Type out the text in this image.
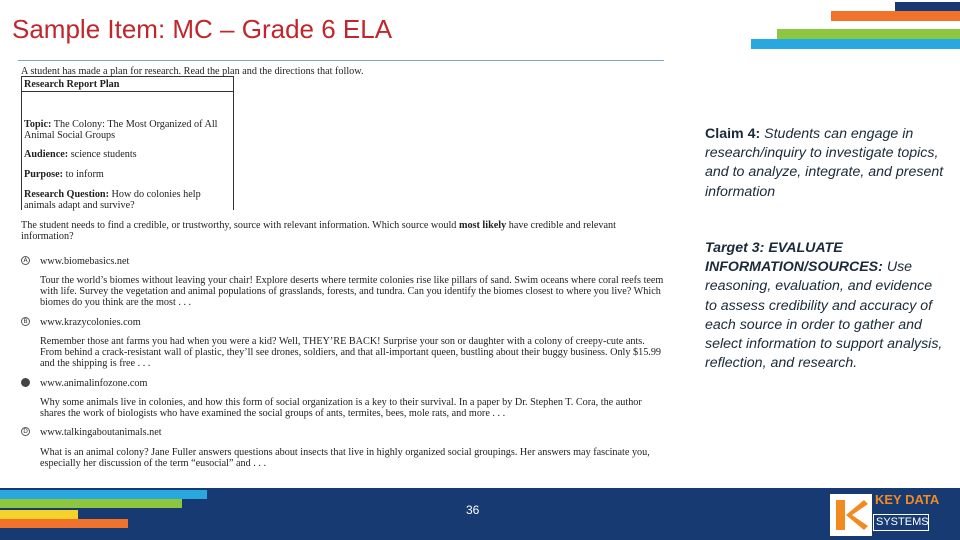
Sample Item: MC – Grade 6 ELA
A student has made a plan for research. Read the plan and the directions that follow.
Research Report Plan
Topic: The Colony: The Most Organized of All Animal Social Groups
Audience: science students
Purpose: to inform
Research Question: How do colonies help animals adapt and survive?
The student needs to find a credible, or trustworthy, source with relevant information. Which source would most likely have credible and relevant information?
A www.biomebasics.net
Tour the world’s biomes without leaving your chair! Explore deserts where termite colonies rise like pillars of sand. Swim oceans where coral reefs teem with life. Survey the vegetation and animal populations of grasslands, forests, and tundra. Can you identify the biomes closest to where you live? Which biomes do you think are the most . . .
B www.krazycolonies.com
Remember those ant farms you had when you were a kid? Well, THEY’RE BACK! Surprise your son or daughter with a colony of creepy-cute ants. From behind a crack-resistant wall of plastic, they’ll see drones, soldiers, and that all-important queen, bustling about their buggy business. Only $15.99 and the shipping is free . . .
www.animalinfozone.com
Why some animals live in colonies, and how this form of social organization is a key to their survival. In a paper by Dr. Stephen T. Cora, the author shares the work of biologists who have examined the social groups of ants, termites, bees, mole rats, and more . . .
D www.talkingaboutanimals.net
What is an animal colony? Jane Fuller answers questions about insects that live in highly organized social groupings. Her answers may fascinate you, especially her discussion of the term “eusocial” and . . .
Claim 4: Students can engage in research/inquiry to investigate topics, and to analyze, integrate, and present information
Target 3: EVALUATE INFORMATION/SOURCES: Use reasoning, evaluation, and evidence to assess credibility and accuracy of each source in order to gather and select information to support analysis, reflection, and research.
36
KEY DATA
SYSTEMS
